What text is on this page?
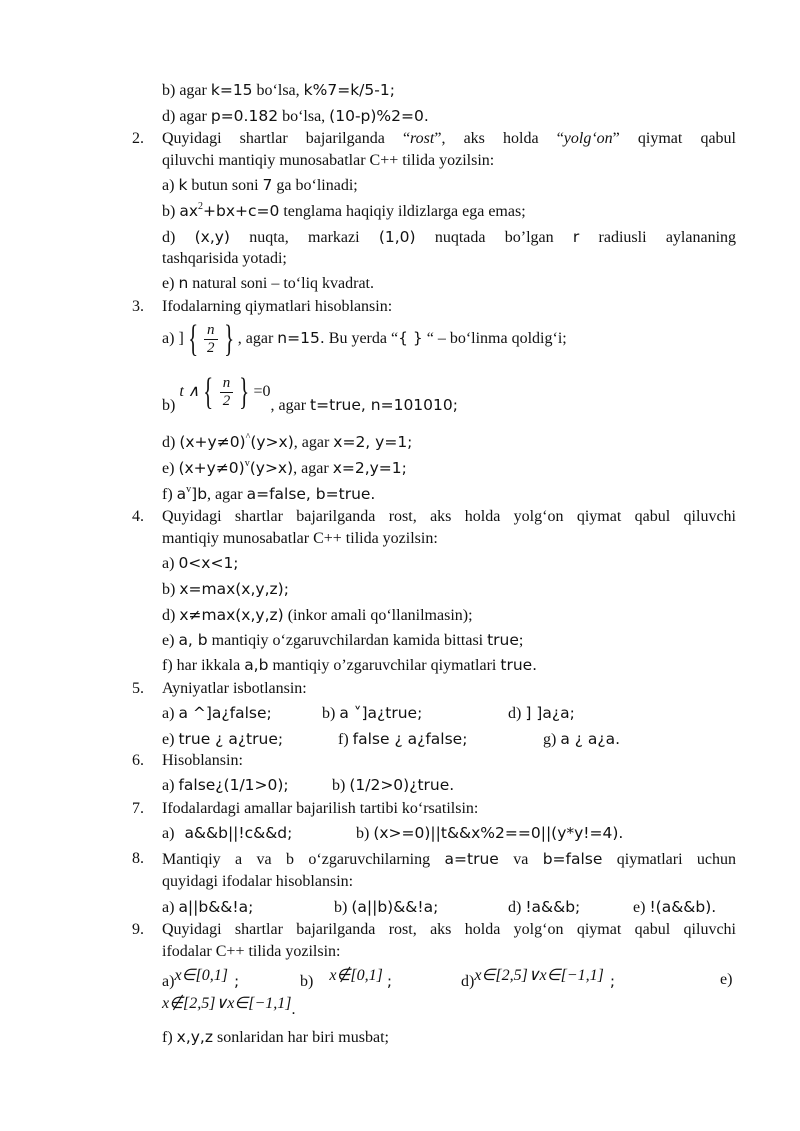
b) agar k=15 bo‘lsa, k%7=k/5-1;
d) agar p=0.182 bo‘lsa, (10-p)%2=0.
2. Quyidagi shartlar bajarilganda “rost”, aks holda “yolg‘on” qiymat qabul
qiluvchi mantiqiy munosabatlar C++ tilida yozilsin:
a) k butun soni 7 ga bo‘linadi;
b) $ax^2+bx+c=0$ tenglama haqiqiy ildizlarga ega emas;
d) (x,y) nuqta, markazi (1,0) nuqtada bo’lgan r radiusli aylananing
tashqarisida yotadi;
e) n natural soni – to‘liq kvadrat.
3. Ifodalarning qiymatlari hisoblansin:
a) ] { $\frac{n}{2}$ } , agar n=15. Bu yerda “{ } “ – bo‘linma qoldig‘i;
b) t ∧ { $\frac{n}{2}$ } =0, agar t=true, n=101010;
d) (x+y≠0)^(y>x), agar x=2, y=1;
e) (x+y≠0)$^v$(y>x), agar x=2,y=1;
f) $a^v]b$, agar a=false, b=true.
4. Quyidagi shartlar bajarilganda rost, aks holda yolg‘on qiymat qabul qiluvchi
mantiqiy munosabatlar C++ tilida yozilsin:
a) 0<x<1;
b) x=max(x,y,z);
d) x≠max(x,y,z) (inkor amali qo‘llanilmasin);
e) a, b mantiqiy o‘zgaruvchilardan kamida bittasi true;
f) har ikkala a,b mantiqiy o’zgaruvchilar qiymatlari true.
5. Ayniyatlar isbotlansin:
a) a ^]a¿false;	b) a ˅]a¿true;	d) ] ]a¿a;
e) true ¿ a¿true;	f) false ¿ a¿false;	g) a ¿ a¿a.
6. Hisoblansin:
a) false¿(1/1>0);	b) (1/2>0)¿true.
7. Ifodalardagi amallar bajarilish tartibi ko‘rsatilsin:
a) a&&b||!c&&d;	b) (x>=0)||t&&x%2==0||(y*y!=4).
8. Mantiqiy a va b o‘zgaruvchilarning a=true va b=false qiymatlari uchun
quyidagi ifodalar hisoblansin:
a) a||b&&!a;	b) (a||b)&&!a;	d) !a&&b;	e) !(a&&b).
9. Quyidagi shartlar bajarilganda rost, aks holda yolg‘on qiymat qabul qiluvchi
ifodalar C++ tilida yozilsin:
a)x∈[0,1] ;	b) x∉[0,1] ;	d)x∈[2,5]∨x∈[−1,1] ;	e)
x∉[2,5]∨x∈[−1,1].
f) x,y,z sonlaridan har biri musbat;
